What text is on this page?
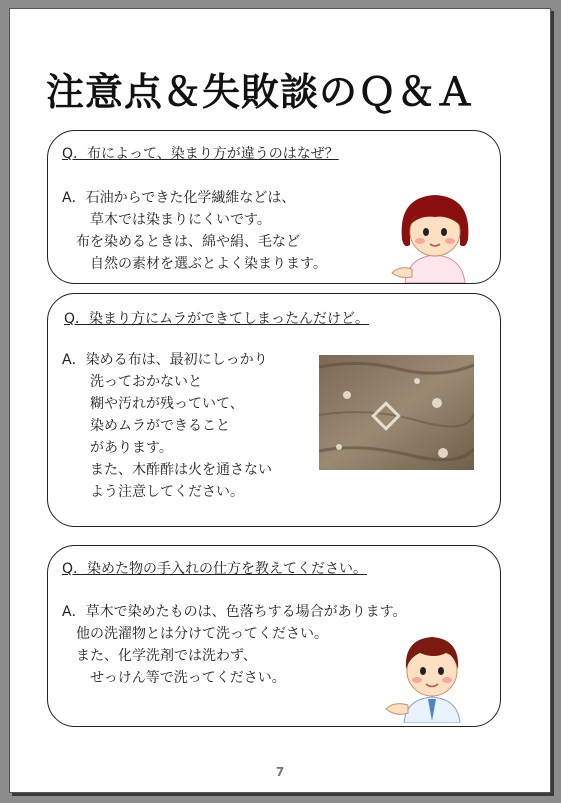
注意点＆失敗談のＱ＆Ａ
Q．布によって、染まり方が違うのはなぜ？
A．石油からできた化学繊維などは、
　　草木では染まりにくいです。
　布を染めるときは、綿や絹、毛など
　　自然の素材を選ぶとよく染まります。
Q．染まり方にムラができてしまったんだけど。
A．染める布は、最初にしっかり
　　洗っておかないと
　　糊や汚れが残っていて、
　　染めムラができること
　　があります。
　　また、木酢酢は火を通さない
　　よう注意してください。
Q．染めた物の手入れの仕方を教えてください。
A．草木で染めたものは、色落ちする場合があります。
　他の洗濯物とは分けて洗ってください。
　また、化学洗剤では洗わず、
　　せっけん等で洗ってください。
7
